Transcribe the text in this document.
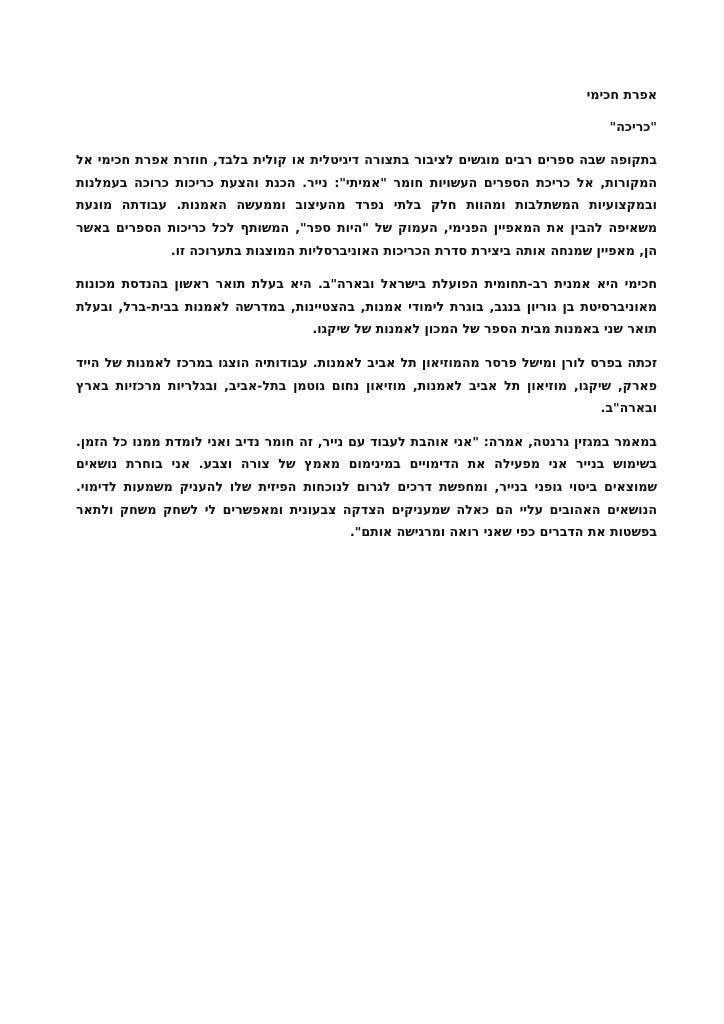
אפרת חכימי
"כריכה"

בתקופה שבה ספרים רבים מוגשים לציבור בתצורה דיגיטלית או קולית בלבד, חוזרת אפרת חכימי אל המקורות, אל כריכת הספרים העשויות חומר "אמיתי": נייר. הכנת והצעת כריכות כרוכה בעמלנות ובמקצועיות המשתלבות ומהוות חלק בלתי נפרד מהעיצוב וממעשה האמנות. עבודתה מונעת משאיפה להבין את המאפיין הפנימי, העמוק של "היות ספר", המשותף לכל כריכות הספרים באשר הן, מאפיין שמנחה אותה ביצירת סדרת הכריכות האוניברסליות המוצגות בתערוכה זו.

חכימי היא אמנית רב-תחומית הפועלת בישראל ובארה"ב. היא בעלת תואר ראשון בהנדסת מכונות מאוניברסיטת בן גוריון בנגב, בוגרת לימודי אמנות, בהצטיינות, במדרשה לאמנות בבית-ברל, ובעלת תואר שני באמנות מבית הספר של המכון לאמנות של שיקגו.

זכתה בפרס לורן ומישל פרסר מהמוזיאון תל אביב לאמנות. עבודותיה הוצגו במרכז לאמנות של הייד פארק, שיקגו, מוזיאון תל אביב לאמנות, מוזיאון נחום גוטמן בתל-אביב, ובגלריות מרכזיות בארץ ובארה"ב.

במאמר במגזין גרנטה, אמרה: "אני אוהבת לעבוד עם נייר, זה חומר נדיב ואני לומדת ממנו כל הזמן. בשימוש בנייר אני מפעילה את הדימויים במינימום מאמץ של צורה וצבע. אני בוחרת נושאים שמוצאים ביטוי גופני בנייר, ומחפשת דרכים לגרום לנוכחות הפיזית שלו להעניק משמעות לדימוי. הנושאים האהובים עליי הם כאלה שמעניקים הצדקה צבעונית ומאפשרים לי לשחק משחק ולתאר בפשטות את הדברים כפי שאני רואה ומרגישה אותם".
